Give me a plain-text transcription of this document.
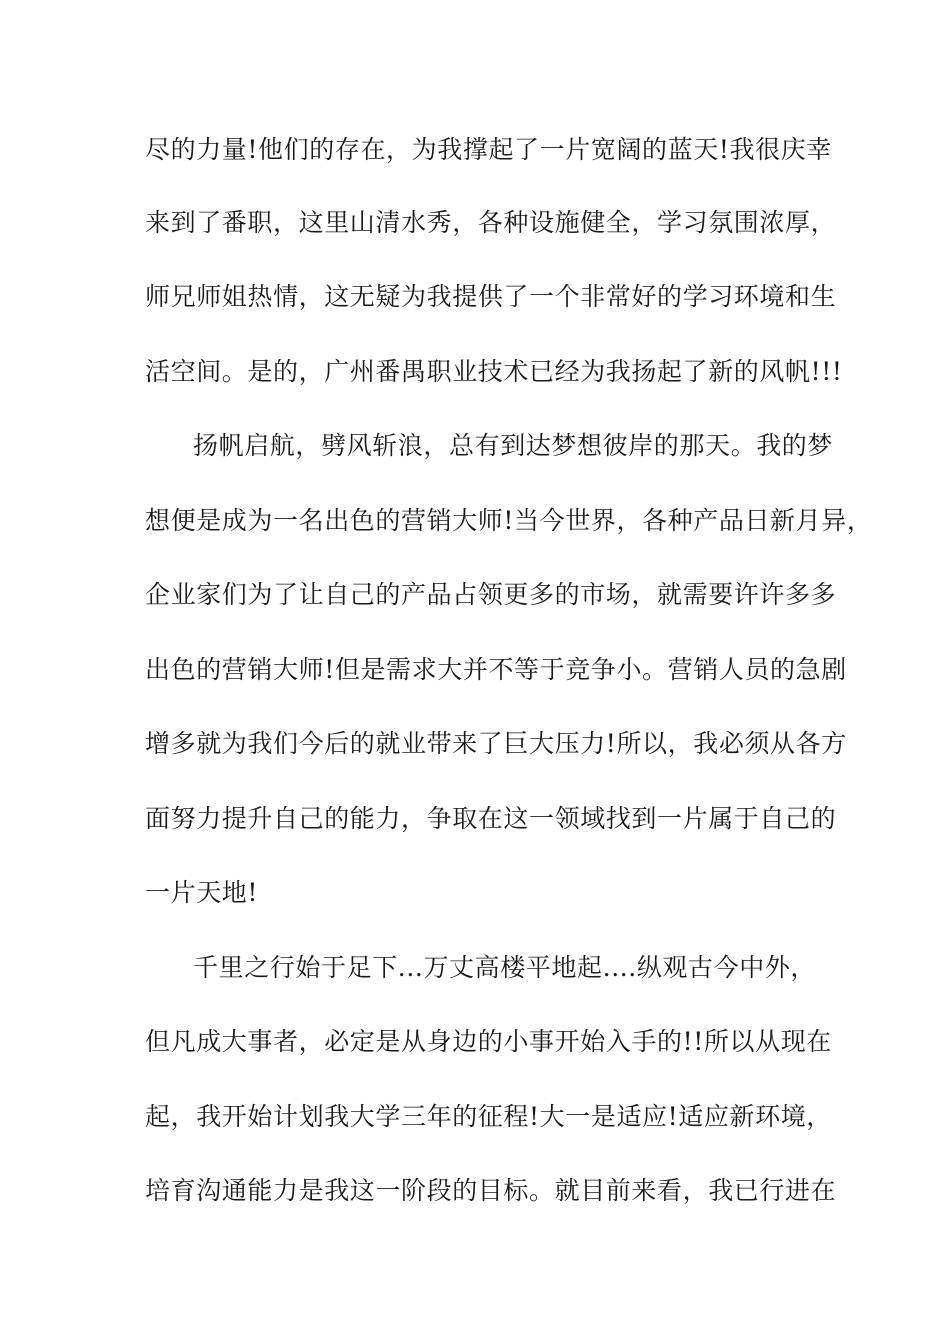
尽的力量!他们的存在，为我撑起了一片宽阔的蓝天!我很庆幸
来到了番职，这里山清水秀，各种设施健全，学习氛围浓厚，
师兄师姐热情，这无疑为我提供了一个非常好的学习环境和生
活空间。是的，广州番禺职业技术已经为我扬起了新的风帆!!!
扬帆启航，劈风斩浪，总有到达梦想彼岸的那天。我的梦
想便是成为一名出色的营销大师!当今世界，各种产品日新月异，
企业家们为了让自己的产品占领更多的市场，就需要许许多多
出色的营销大师!但是需求大并不等于竞争小。营销人员的急剧
增多就为我们今后的就业带来了巨大压力!所以，我必须从各方
面努力提升自己的能力，争取在这一领域找到一片属于自己的
一片天地!
千里之行始于足下...万丈高楼平地起....纵观古今中外，
但凡成大事者，必定是从身边的小事开始入手的!!所以从现在
起，我开始计划我大学三年的征程!大一是适应!适应新环境，
培育沟通能力是我这一阶段的目标。就目前来看，我已行进在
